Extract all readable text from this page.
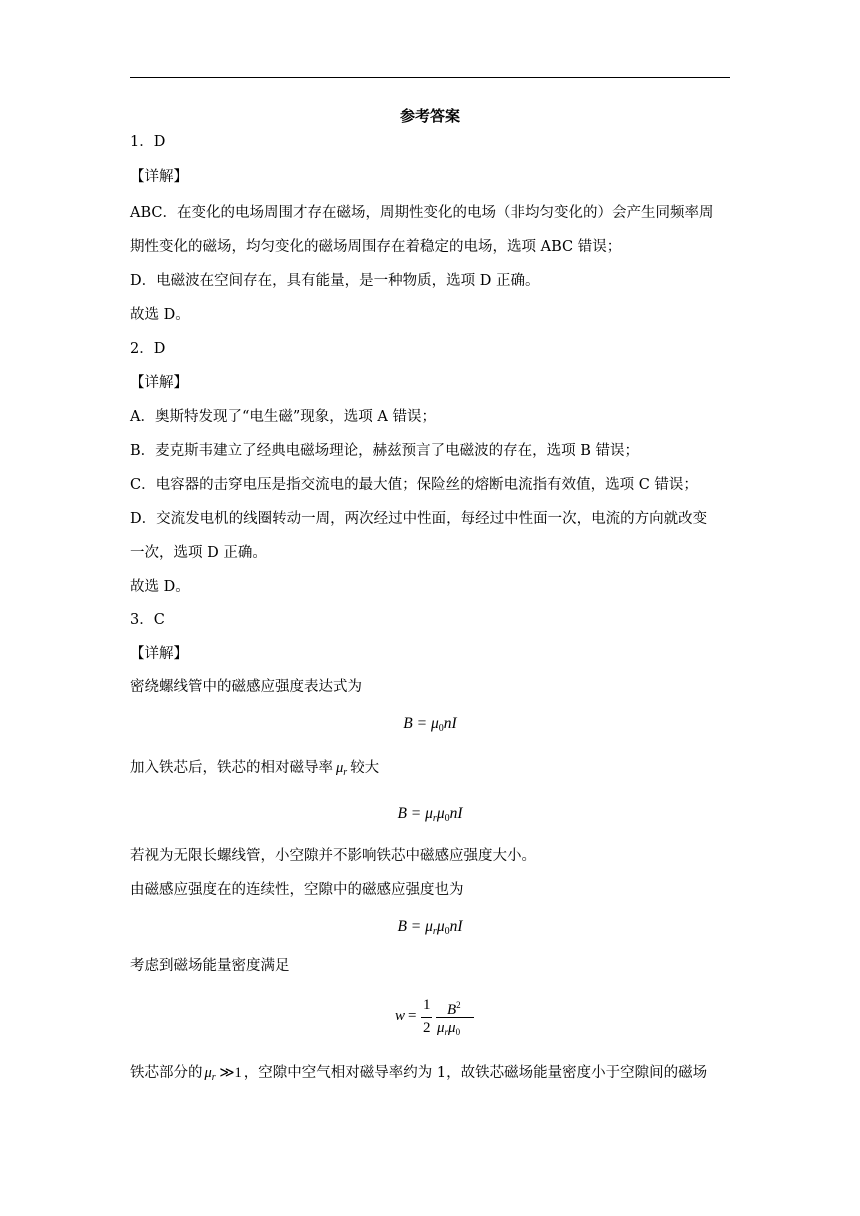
参考答案
1．D
【详解】
ABC．在变化的电场周围才存在磁场，周期性变化的电场（非均匀变化的）会产生同频率周
期性变化的磁场，均匀变化的磁场周围存在着稳定的电场，选项 ABC 错误；
D．电磁波在空间存在，具有能量，是一种物质，选项 D 正确。
故选 D。
2．D
【详解】
A．奥斯特发现了“电生磁”现象，选项 A 错误；
B．麦克斯韦建立了经典电磁场理论，赫兹预言了电磁波的存在，选项 B 错误；
C．电容器的击穿电压是指交流电的最大值；保险丝的熔断电流指有效值，选项 C 错误；
D．交流发电机的线圈转动一周，两次经过中性面，每经过中性面一次，电流的方向就改变
一次，选项 D 正确。
故选 D。
3．C
【详解】
密绕螺线管中的磁感应强度表达式为
$B = \mu_0nI$
加入铁芯后，铁芯的相对磁导率 $\mu_r$ 较大
$B = \mu_r\mu_0nI$
若视为无限长螺线管，小空隙并不影响铁芯中磁感应强度大小。
由磁感应强度在的连续性，空隙中的磁感应强度也为
$B = \mu_r\mu_0nI$
考虑到磁场能量密度满足
w =
1
2
$B^2$
$\mu_r\mu_0$
铁芯部分的 $\mu_r$ ≫1 ，空隙中空气相对磁导率约为 1，故铁芯磁场能量密度小于空隙间的磁场
